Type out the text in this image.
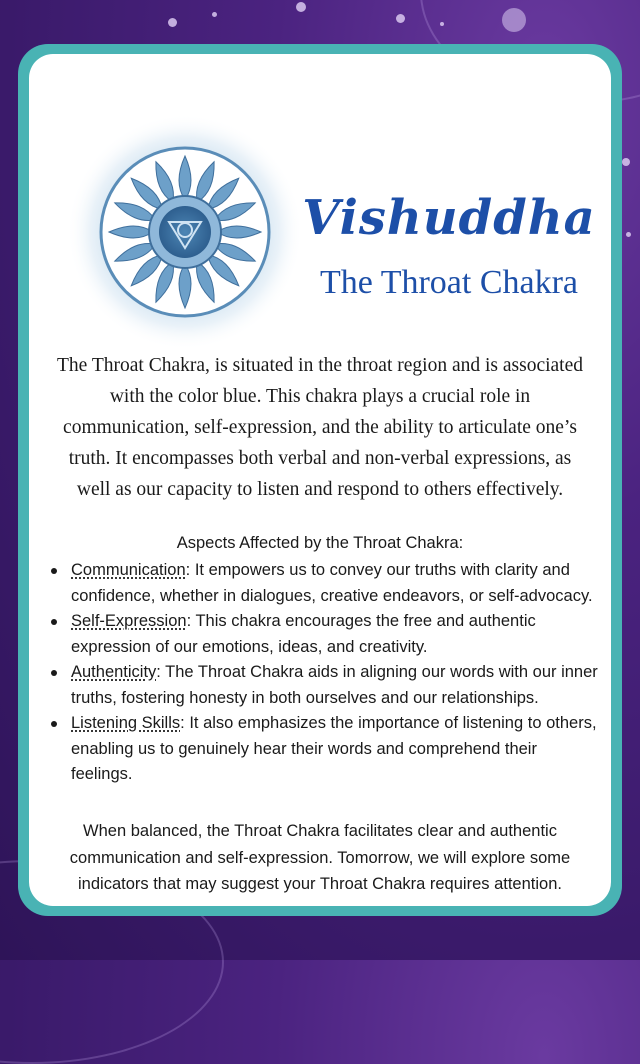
Vishuddha
The Throat Chakra
The Throat Chakra, is situated in the throat region and is associated with the color blue. This chakra plays a crucial role in communication, self-expression, and the ability to articulate one’s truth. It encompasses both verbal and non-verbal expressions, as well as our capacity to listen and respond to others effectively.
Aspects Affected by the Throat Chakra:
Communication: It empowers us to convey our truths with clarity and confidence, whether in dialogues, creative endeavors, or self-advocacy.
Self-Expression: This chakra encourages the free and authentic expression of our emotions, ideas, and creativity.
Authenticity: The Throat Chakra aids in aligning our words with our inner truths, fostering honesty in both ourselves and our relationships.
Listening Skills: It also emphasizes the importance of listening to others, enabling us to genuinely hear their words and comprehend their feelings.
When balanced, the Throat Chakra facilitates clear and authentic communication and self-expression. Tomorrow, we will explore some indicators that may suggest your Throat Chakra requires attention.
